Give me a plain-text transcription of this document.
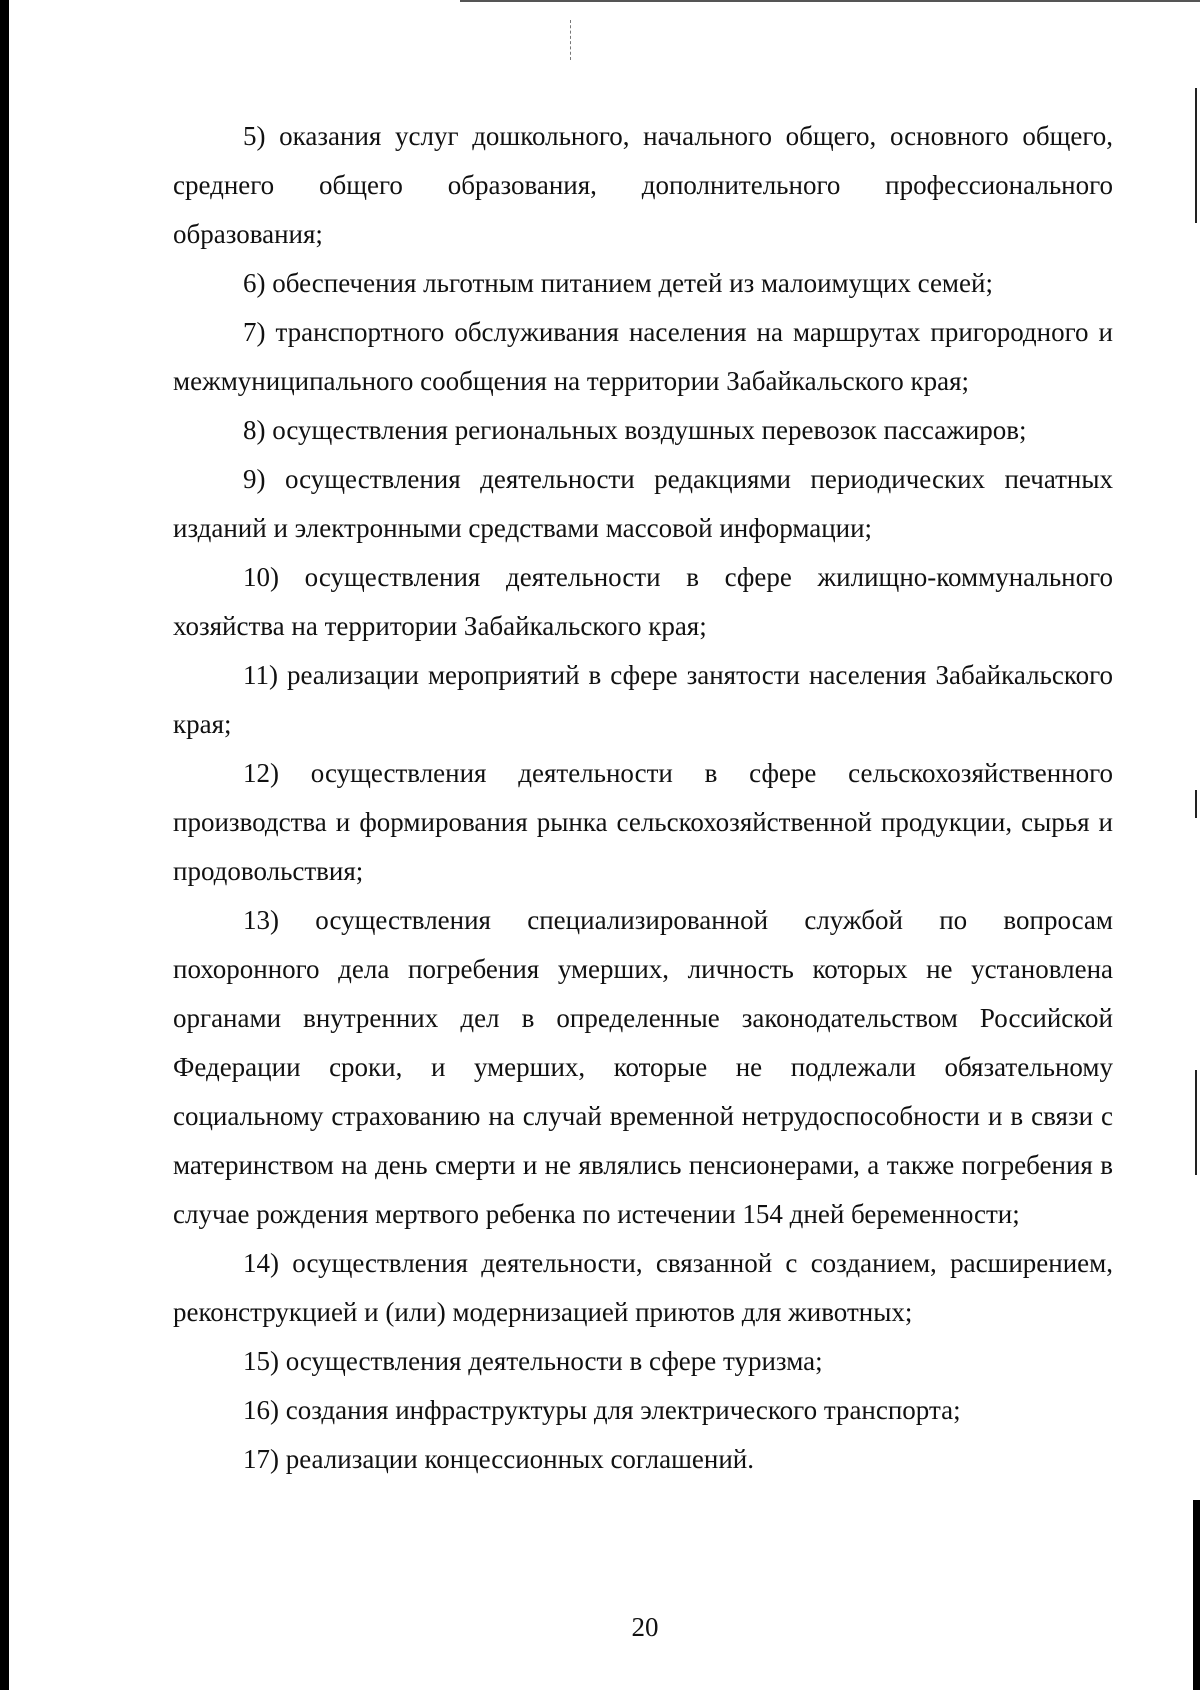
5) оказания услуг дошкольного, начального общего, основного общего, среднего общего образования, дополнительного профессионального образования;

6) обеспечения льготным питанием детей из малоимущих семей;

7) транспортного обслуживания населения на маршрутах пригородного и межмуниципального сообщения на территории Забайкальского края;

8) осуществления региональных воздушных перевозок пассажиров;

9) осуществления деятельности редакциями периодических печатных изданий и электронными средствами массовой информации;

10) осуществления деятельности в сфере жилищно-коммунального хозяйства на территории Забайкальского края;

11) реализации мероприятий в сфере занятости населения Забайкальского края;

12) осуществления деятельности в сфере сельскохозяйственного производства и формирования рынка сельскохозяйственной продукции, сырья и продовольствия;

13) осуществления специализированной службой по вопросам похоронного дела погребения умерших, личность которых не установлена органами внутренних дел в определенные законодательством Российской Федерации сроки, и умерших, которые не подлежали обязательному социальному страхованию на случай временной нетрудоспособности и в связи с материнством на день смерти и не являлись пенсионерами, а также погребения в случае рождения мертвого ребенка по истечении 154 дней беременности;

14) осуществления деятельности, связанной с созданием, расширением, реконструкцией и (или) модернизацией приютов для животных;

15) осуществления деятельности в сфере туризма;

16) создания инфраструктуры для электрического транспорта;

17) реализации концессионных соглашений.

20
